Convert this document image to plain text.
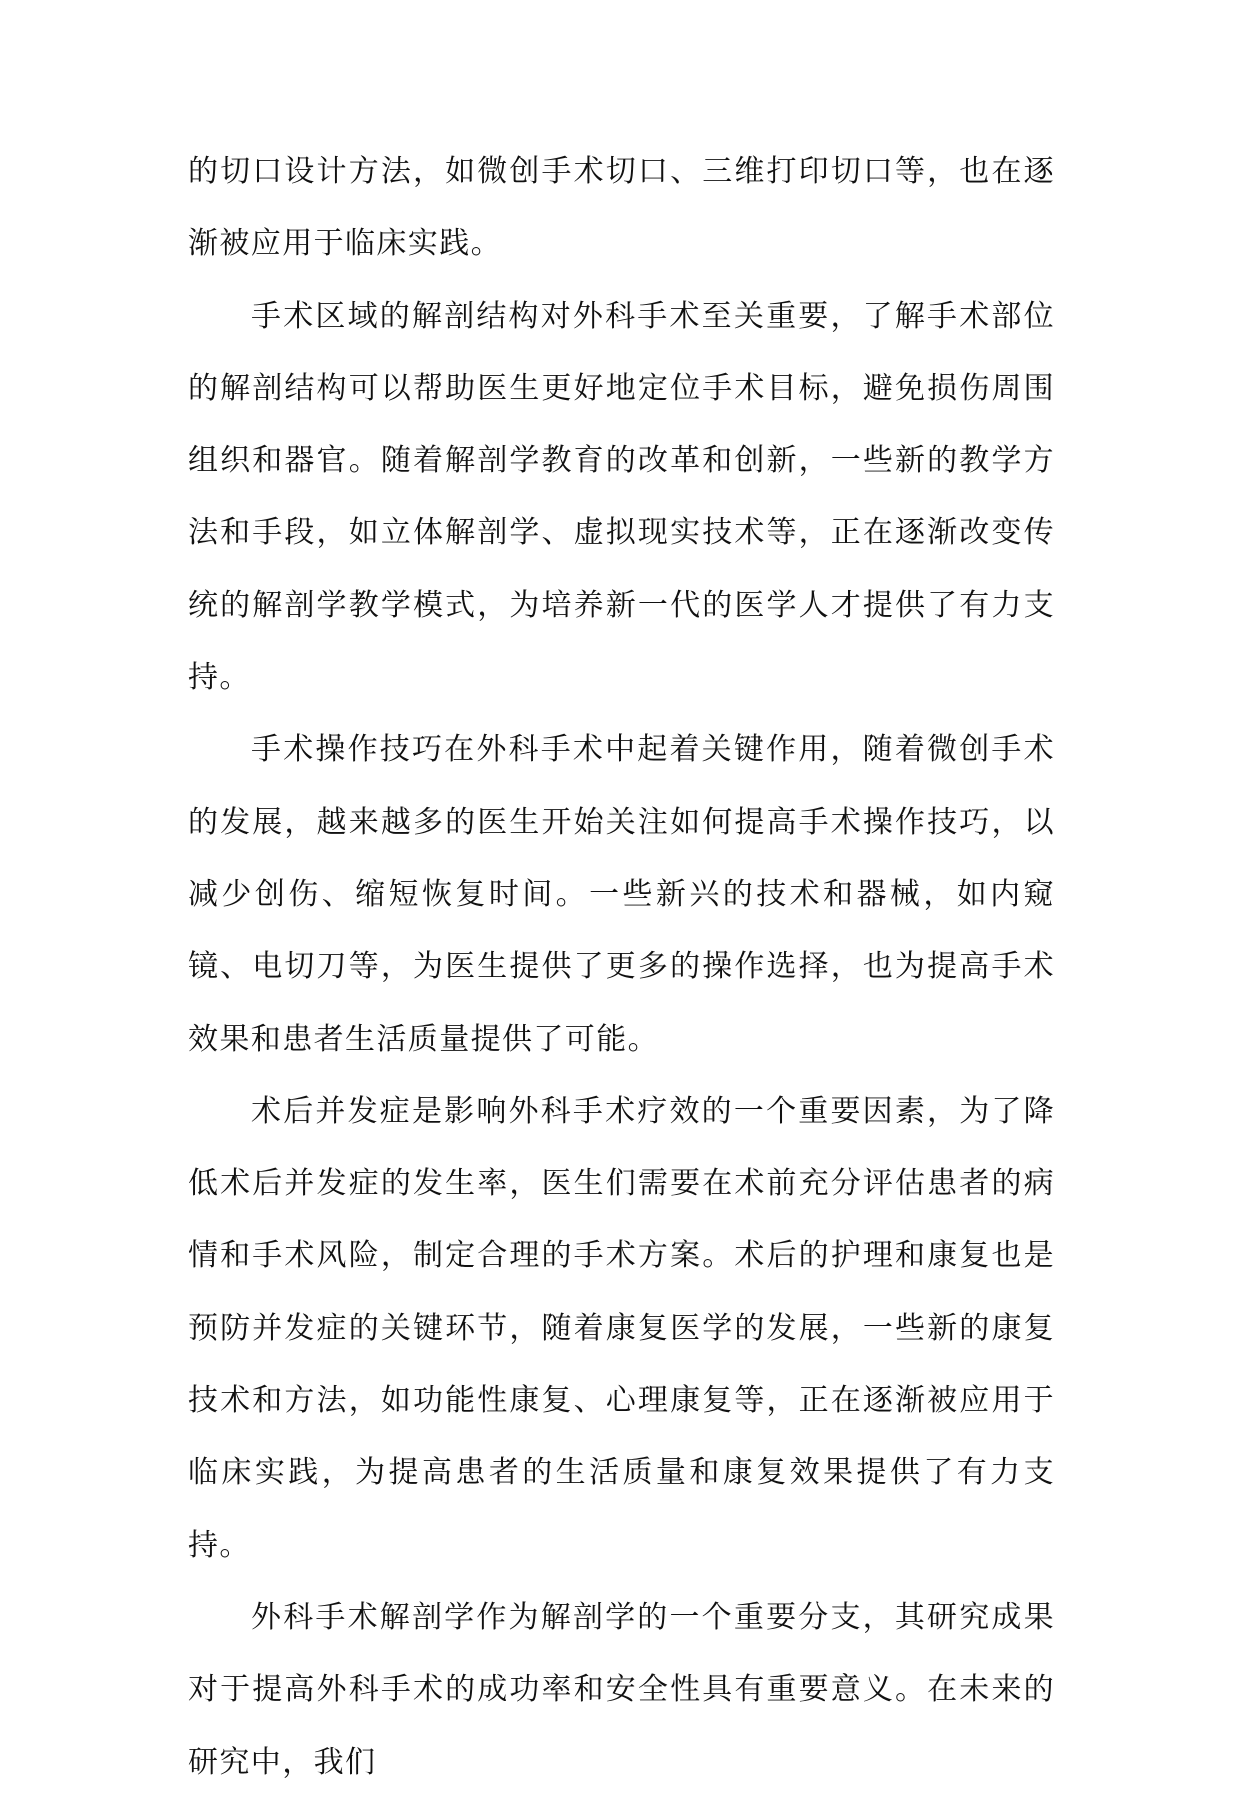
的切口设计方法，如微创手术切口、三维打印切口等，也在逐渐被应用于临床实践。

手术区域的解剖结构对外科手术至关重要，了解手术部位的解剖结构可以帮助医生更好地定位手术目标，避免损伤周围组织和器官。随着解剖学教育的改革和创新，一些新的教学方法和手段，如立体解剖学、虚拟现实技术等，正在逐渐改变传统的解剖学教学模式，为培养新一代的医学人才提供了有力支持。

手术操作技巧在外科手术中起着关键作用，随着微创手术的发展，越来越多的医生开始关注如何提高手术操作技巧，以减少创伤、缩短恢复时间。一些新兴的技术和器械，如内窥镜、电切刀等，为医生提供了更多的操作选择，也为提高手术效果和患者生活质量提供了可能。

术后并发症是影响外科手术疗效的一个重要因素，为了降低术后并发症的发生率，医生们需要在术前充分评估患者的病情和手术风险，制定合理的手术方案。术后的护理和康复也是预防并发症的关键环节，随着康复医学的发展，一些新的康复技术和方法，如功能性康复、心理康复等，正在逐渐被应用于临床实践，为提高患者的生活质量和康复效果提供了有力支持。

外科手术解剖学作为解剖学的一个重要分支，其研究成果对于提高外科手术的成功率和安全性具有重要意义。在未来的研究中，我们
